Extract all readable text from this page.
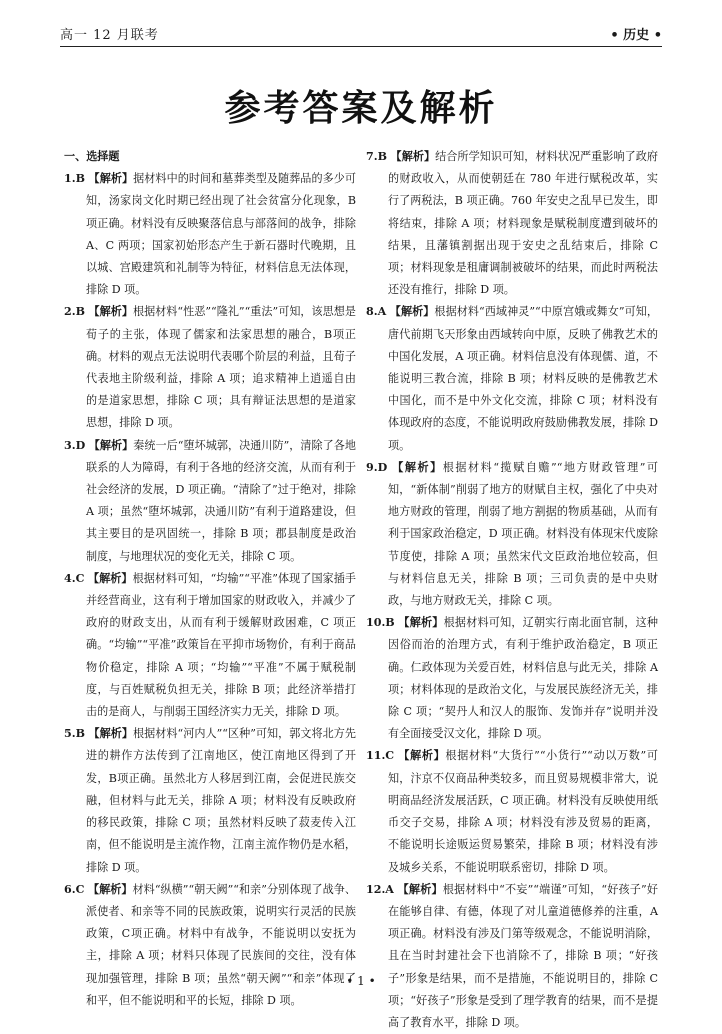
高一 12 月联考	• 历史 •
参考答案及解析
一、选择题

1.B 【解析】据材料中的时间和墓葬类型及随葬品的多少可知，汤家岗文化时期已经出现了社会贫富分化现象，B项正确。材料没有反映聚落信息与部落间的战争，排除 A、C 两项；国家初始形态产生于新石器时代晚期，且以城、宫殿建筑和礼制等为特征，材料信息无法体现，排除 D 项。

2.B 【解析】根据材料“性恶”“隆礼”“重法”可知，该思想是荀子的主张，体现了儒家和法家思想的融合，B项正确。材料的观点无法说明代表哪个阶层的利益，且荀子代表地主阶级利益，排除 A 项；追求精神上逍遥自由的是道家思想，排除 C 项；具有辩证法思想的是道家思想，排除 D 项。

3.D 【解析】秦统一后“堕坏城郭，决通川防”，清除了各地联系的人为障碍，有利于各地的经济交流，从而有利于社会经济的发展，D 项正确。“清除了”过于绝对，排除 A 项；虽然“堕坏城郭，决通川防”有利于道路建设，但其主要目的是巩固统一，排除 B 项；郡县制度是政治制度，与地理状况的变化无关，排除 C 项。

4.C 【解析】根据材料可知，“均输”“平准”体现了国家插手并经营商业，这有利于增加国家的财政收入，并减少了政府的财政支出，从而有利于缓解财政困难，C 项正确。“均输”“平准”政策旨在平抑市场物价，有利于商品物价稳定，排除 A 项；“均输”“平准”不属于赋税制度，与百姓赋税负担无关，排除 B 项；此经济举措打击的是商人，与削弱王国经济实力无关，排除 D 项。

5.B 【解析】根据材料“河内人”“区种”可知，郭文将北方先进的耕作方法传到了江南地区，使江南地区得到了开发，B项正确。虽然北方人移居到江南，会促进民族交融，但材料与此无关，排除 A 项；材料没有反映政府的移民政策，排除 C 项；虽然材料反映了菽麦传入江南，但不能说明是主流作物，江南主流作物仍是水稻，排除 D 项。

6.C 【解析】材料“纵横”“朝天阙”“和亲”分别体现了战争、派使者、和亲等不同的民族政策，说明实行灵活的民族政策，C项正确。材料中有战争，不能说明以安抚为主，排除 A 项；材料只体现了民族间的交往，没有体现加强管理，排除 B 项；虽然“朝天阙”“和亲”体现了和平，但不能说明和平的长短，排除 D 项。

7.B 【解析】结合所学知识可知，材料状况严重影响了政府的财政收入，从而使朝廷在 780 年进行赋税改革，实行了两税法，B 项正确。760 年安史之乱早已发生，即将结束，排除 A 项；材料现象是赋税制度遭到破坏的结果，且藩镇割据出现于安史之乱结束后，排除 C 项；材料现象是租庸调制被破坏的结果，而此时两税法还没有推行，排除 D 项。

8.A 【解析】根据材料“西域神灵”“中原宫娥或舞女”可知，唐代前期飞天形象由西域转向中原，反映了佛教艺术的中国化发展，A 项正确。材料信息没有体现儒、道，不能说明三教合流，排除 B 项；材料反映的是佛教艺术中国化，而不是中外文化交流，排除 C 项；材料没有体现政府的态度，不能说明政府鼓励佛教发展，排除 D 项。

9.D 【解析】根据材料“揽赋自赡”“地方财政管理”可知，“新体制”削弱了地方的财赋自主权，强化了中央对地方财政的管理，削弱了地方割据的物质基础，从而有利于国家政治稳定，D 项正确。材料没有体现宋代废除节度使，排除 A 项；虽然宋代文臣政治地位较高，但与材料信息无关，排除 B 项；三司负责的是中央财政，与地方财政无关，排除 C 项。

10.B 【解析】根据材料可知，辽朝实行南北面官制，这种因俗而治的治理方式，有利于维护政治稳定，B 项正确。仁政体现为关爱百姓，材料信息与此无关，排除 A 项；材料体现的是政治文化，与发展民族经济无关，排除 C 项；“契丹人和汉人的服饰、发饰并存”说明并没有全面接受汉文化，排除 D 项。

11.C 【解析】根据材料“大货行”“小货行”“动以万数”可知，汴京不仅商品种类较多，而且贸易规模非常大，说明商品经济发展活跃，C 项正确。材料没有反映使用纸币交子交易，排除 A 项；材料没有涉及贸易的距离，不能说明长途贩运贸易繁荣，排除 B 项；材料没有涉及城乡关系，不能说明联系密切，排除 D 项。

12.A 【解析】根据材料中“不妄”“端谨”可知，“好孩子”好在能够自律、有德，体现了对儿童道德修养的注重，A 项正确。材料没有涉及门第等级观念，不能说明消除，且在当时封建社会下也消除不了，排除 B 项；“好孩子”形象是结果，而不是措施，不能说明目的，排除 C 项；“好孩子”形象是受到了理学教育的结果，而不是提高了教育水平，排除 D 项。

• 1 •
